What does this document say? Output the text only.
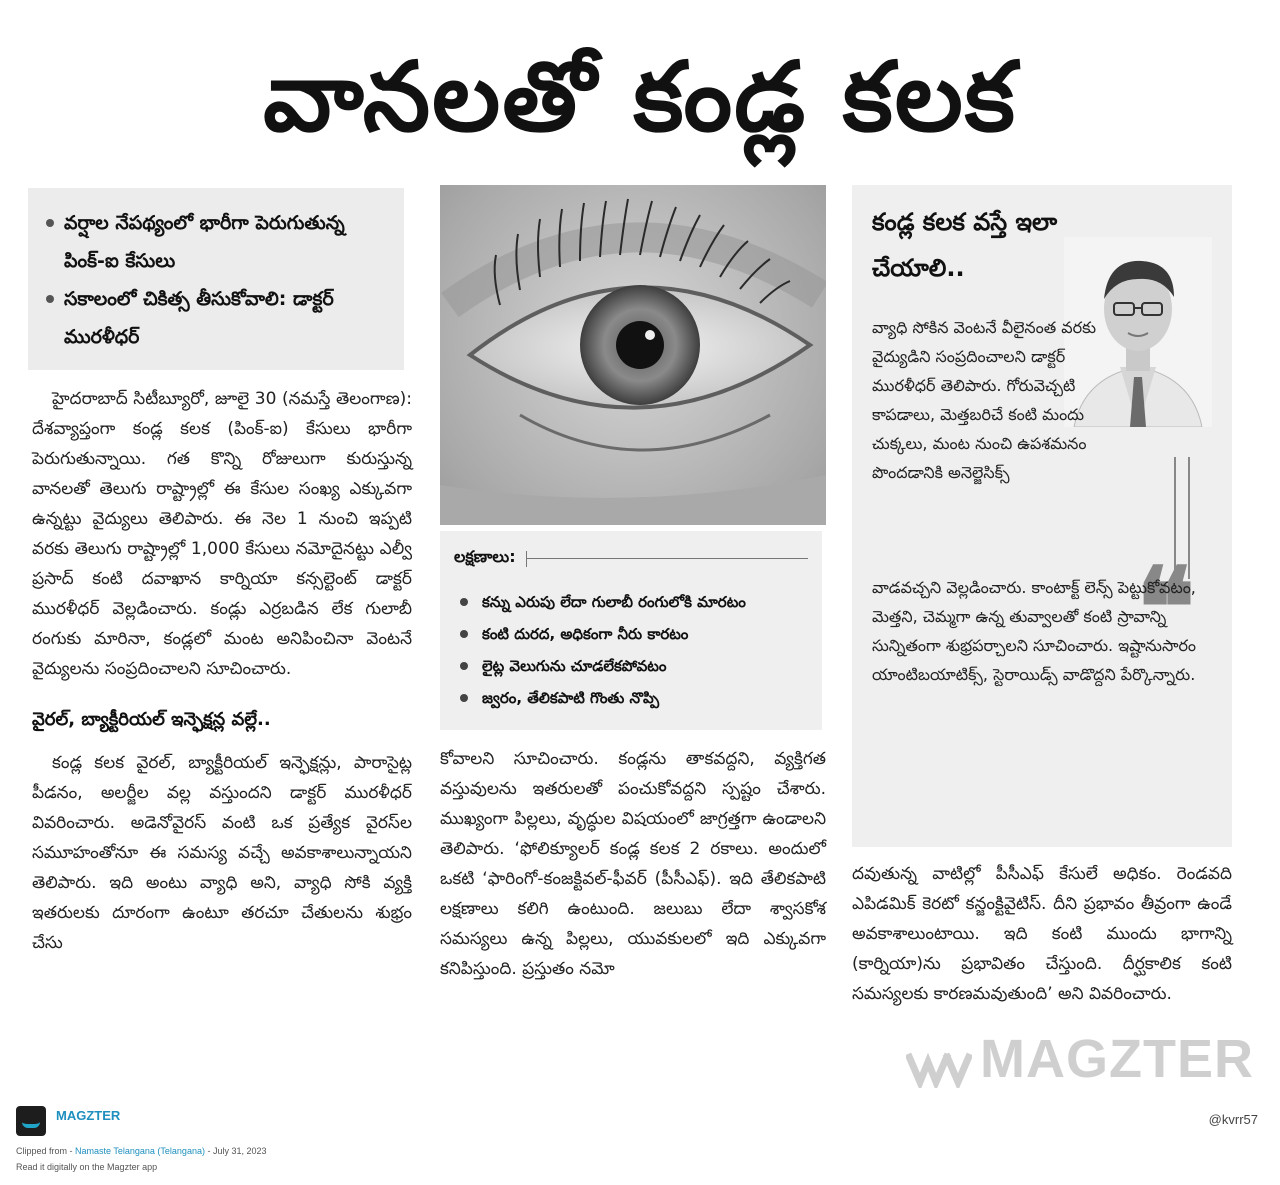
వానలతో కండ్ల కలక
వర్షాల నేపథ్యంలో భారీగా పెరుగుతున్న పింక్-ఐ కేసులు
సకాలంలో చికిత్స తీసుకోవాలి: డాక్టర్ మురళీధర్
హైదరాబాద్ సిటీబ్యూరో, జూలై 30 (నమస్తే తెలంగాణ): దేశవ్యాప్తంగా కండ్ల కలక (పింక్-ఐ) కేసులు భారీగా పెరుగుతున్నాయి. గత కొన్ని రోజులుగా కురుస్తున్న వానలతో తెలుగు రాష్ట్రాల్లో ఈ కేసుల సంఖ్య ఎక్కువగా ఉన్నట్టు వైద్యులు తెలిపారు. ఈ నెల 1 నుంచి ఇప్పటి వరకు తెలుగు రాష్ట్రాల్లో 1,000 కేసులు నమోదైనట్టు ఎల్వీ ప్రసాద్ కంటి దవాఖాన కార్నియా కన్సల్టెంట్ డాక్టర్ మురళీధర్ వెల్లడించారు. కండ్లు ఎర్రబడిన లేక గులాబీ రంగుకు మారినా, కండ్లలో మంట అనిపించినా వెంటనే వైద్యులను సంప్రదించాలని సూచించారు.
వైరల్, బ్యాక్టీరియల్ ఇన్ఫెక్షన్ల వల్లే..
కండ్ల కలక వైరల్, బ్యాక్టీరియల్ ఇన్ఫెక్షన్లు, పారాసైట్ల పీడనం, అలర్జీల వల్ల వస్తుందని డాక్టర్ మురళీధర్ వివరించారు. అడెనోవైరస్ వంటి ఒక ప్రత్యేక వైరస్‌ల సమూహంతోనూ ఈ సమస్య వచ్చే అవకాశాలున్నాయని తెలిపారు. ఇది అంటు వ్యాధి అని, వ్యాధి సోకి వ్యక్తి ఇతరులకు దూరంగా ఉంటూ తరచూ చేతులను శుభ్రం చేసు
లక్షణాలు:
కన్ను ఎరుపు లేదా గులాబీ రంగులోకి మారటం
కంటి దురద, అధికంగా నీరు కారటం
లైట్ల వెలుగును చూడలేకపోవటం
జ్వరం, తేలికపాటి గొంతు నొప్పి
కోవాలని సూచించారు. కండ్లను తాకవద్దని, వ్యక్తిగత వస్తువులను ఇతరులతో పంచుకోవద్దని స్పష్టం చేశారు. ముఖ్యంగా పిల్లలు, వృద్ధుల విషయంలో జాగ్రత్తగా ఉండాలని తెలిపారు. ‘ఫోలిక్యూలర్ కండ్ల కలక 2 రకాలు. అందులో ఒకటి ‘ఫారింగో-కంజక్టివల్-ఫీవర్ (పీసీఎఫ్). ఇది తేలికపాటి లక్షణాలు కలిగి ఉంటుంది. జలుబు లేదా శ్వాసకోశ సమస్యలు ఉన్న పిల్లలు, యువకులలో ఇది ఎక్కువగా కనిపిస్తుంది. ప్రస్తుతం నమో
కండ్ల కలక వస్తే ఇలా చేయాలి..
వ్యాధి సోకిన వెంటనే వీలైనంత వరకు వైద్యుడిని సంప్రదించాలని డాక్టర్ మురళీధర్ తెలిపారు. గోరువెచ్చటి కాపడాలు, మెత్తబరిచే కంటి మందు చుక్కలు, మంట నుంచి ఉపశమనం పొందడానికి అనెల్జెసిక్స్
❝
వాడవచ్చని వెల్లడించారు. కాంటాక్ట్ లెన్స్ పెట్టుకోవటం, మెత్తని, చెమ్మగా ఉన్న తువ్వాలతో కంటి స్రావాన్ని సున్నితంగా శుభ్రపర్చాలని సూచించారు. ఇష్టానుసారం యాంటిబయాటిక్స్, స్టెరాయిడ్స్ వాడొద్దని పేర్కొన్నారు.
దవుతున్న వాటిల్లో పీసీఎఫ్ కేసులే అధికం. రెండవది ఎపిడమిక్ కెరటో కన్జంక్టివైటిస్. దీని ప్రభావం తీవ్రంగా ఉండే అవకాశాలుంటాయి. ఇది కంటి ముందు భాగాన్ని (కార్నియా)ను ప్రభావితం చేస్తుంది. దీర్ఘకాలిక కంటి సమస్యలకు కారణమవుతుంది’ అని వివరించారు.
MAGZTER
MAGZTER	@kvrr57
Clipped from - Namaste Telangana (Telangana) - July 31, 2023
Read it digitally on the Magzter app
